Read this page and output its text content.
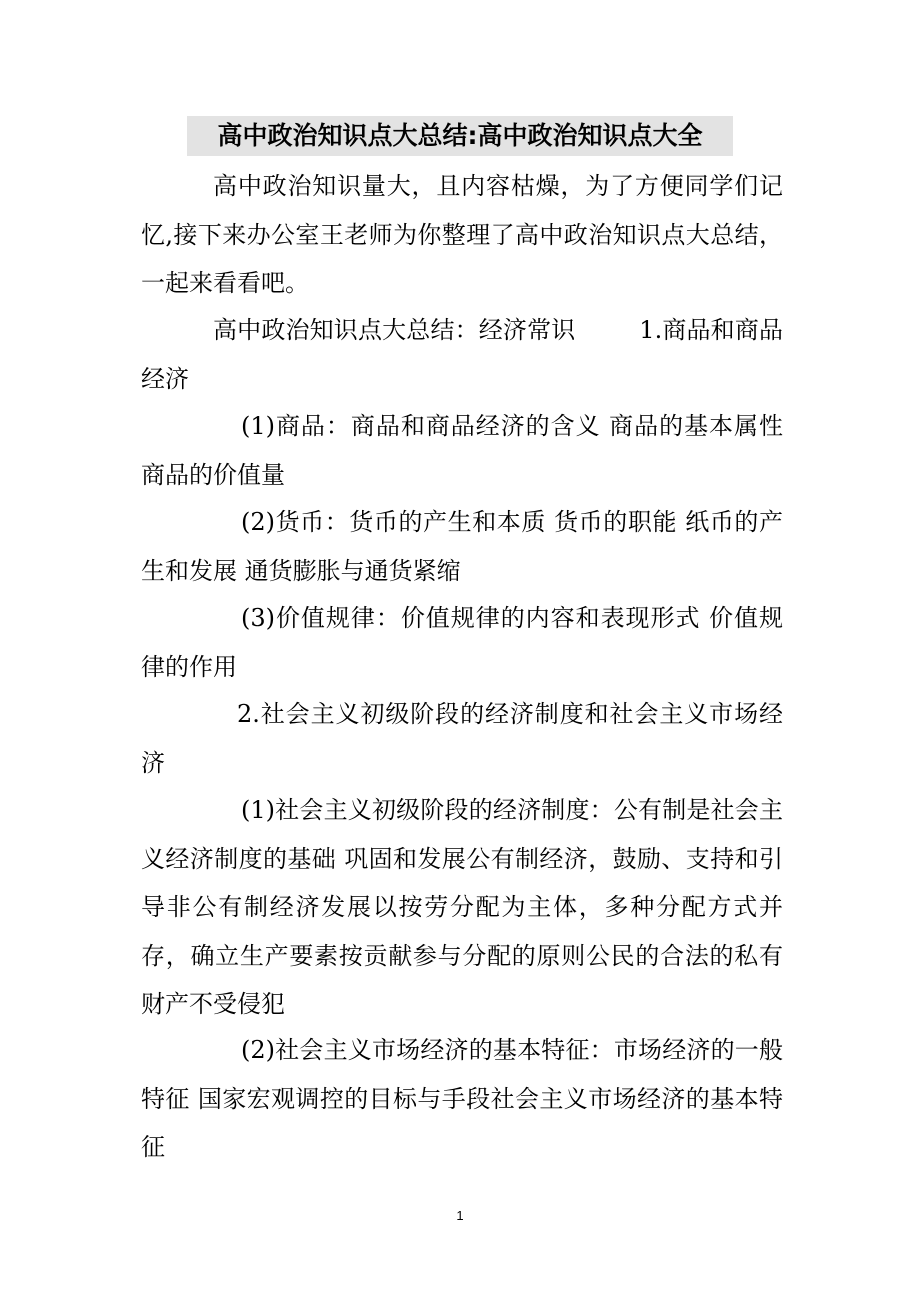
高中政治知识点大总结:高中政治知识点大全

高中政治知识量大，且内容枯燥，为了方便同学们记忆,接下来办公室王老师为你整理了高中政治知识点大总结，一起来看看吧。

高中政治知识点大总结：经济常识 　　 1.商品和商品经济

(1)商品：商品和商品经济的含义 商品的基本属性 商品的价值量

(2)货币：货币的产生和本质 货币的职能 纸币的产生和发展 通货膨胀与通货紧缩

(3)价值规律：价值规律的内容和表现形式 价值规律的作用

2.社会主义初级阶段的经济制度和社会主义市场经济

(1)社会主义初级阶段的经济制度：公有制是社会主义经济制度的基础 巩固和发展公有制经济，鼓励、支持和引导非公有制经济发展以按劳分配为主体，多种分配方式并存，确立生产要素按贡献参与分配的原则公民的合法的私有财产不受侵犯

(2)社会主义市场经济的基本特征：市场经济的一般特征 国家宏观调控的目标与手段社会主义市场经济的基本特征

1
